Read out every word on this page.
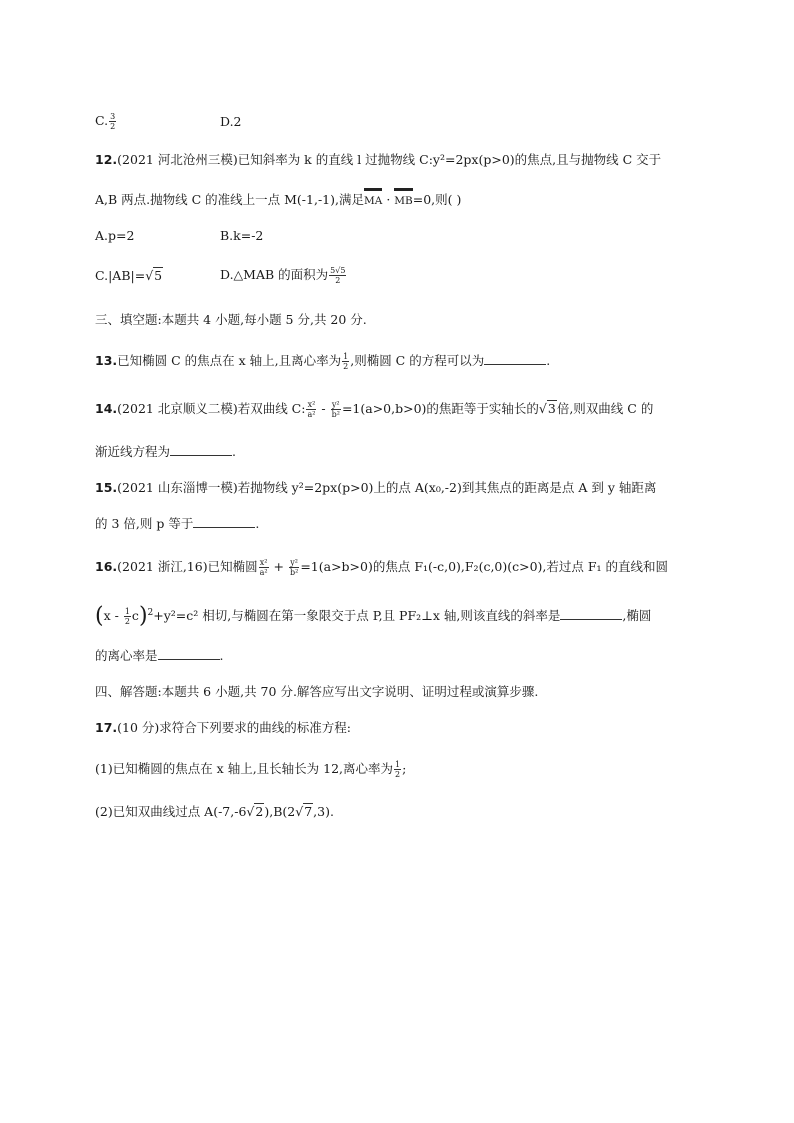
C. $\frac{3}{2}$	D.2
12.(2021 河北沧州三模)已知斜率为 k 的直线 l 过抛物线 C:y²=2px(p>0)的焦点,且与抛物线 C 交于
A,B 两点.抛物线 C 的准线上一点 M(-1,-1),满足MA · MB=0,则( )
A.p=2	B.k=-2
C.|AB|=√5	D.△MAB 的面积为 $\frac{5√5}{2}$
三、填空题:本题共 4 小题,每小题 5 分,共 20 分.
13.已知椭圆 C 的焦点在 x 轴上,且离心率为 $\frac{1}{2}$ ,则椭圆 C 的方程可以为	.
14.(2021 北京顺义二模)若双曲线 C: $\frac{\text{x²}}{\text{a²}} - \frac{\text{y²}}{\text{b²}} =1(a>0,b>0)$的焦距等于实轴长的√3倍,则双曲线 C 的
渐近线方程为	.
15.(2021 山东淄博一模)若抛物线 y²=2px(p>0)上的点 A(x₀,-2)到其焦点的距离是点 A 到 y 轴距离
的 3 倍,则 p 等于	.
16.(2021 浙江,16)已知椭圆 $\frac{\text{x²}}{\text{a²}} + \frac{\text{y²}}{\text{b²}} =1(a>b>0)$的焦点 F₁(-c,0),F₂(c,0)(c>0),若过点 F₁ 的直线和圆
$(x - \frac{1}{2} c)^2+y^2=c^2$ 相切,与椭圆在第一象限交于点 P,且 PF₂⊥x 轴,则该直线的斜率是	,椭圆
的离心率是	.
四、解答题:本题共 6 小题,共 70 分.解答应写出文字说明、证明过程或演算步骤.
17.(10 分)求符合下列要求的曲线的标准方程:
(1)已知椭圆的焦点在 x 轴上,且长轴长为 12,离心率为 $\frac{1}{2}$ ;
(2)已知双曲线过点 A(-7,-6√2),B(2√7,3).
